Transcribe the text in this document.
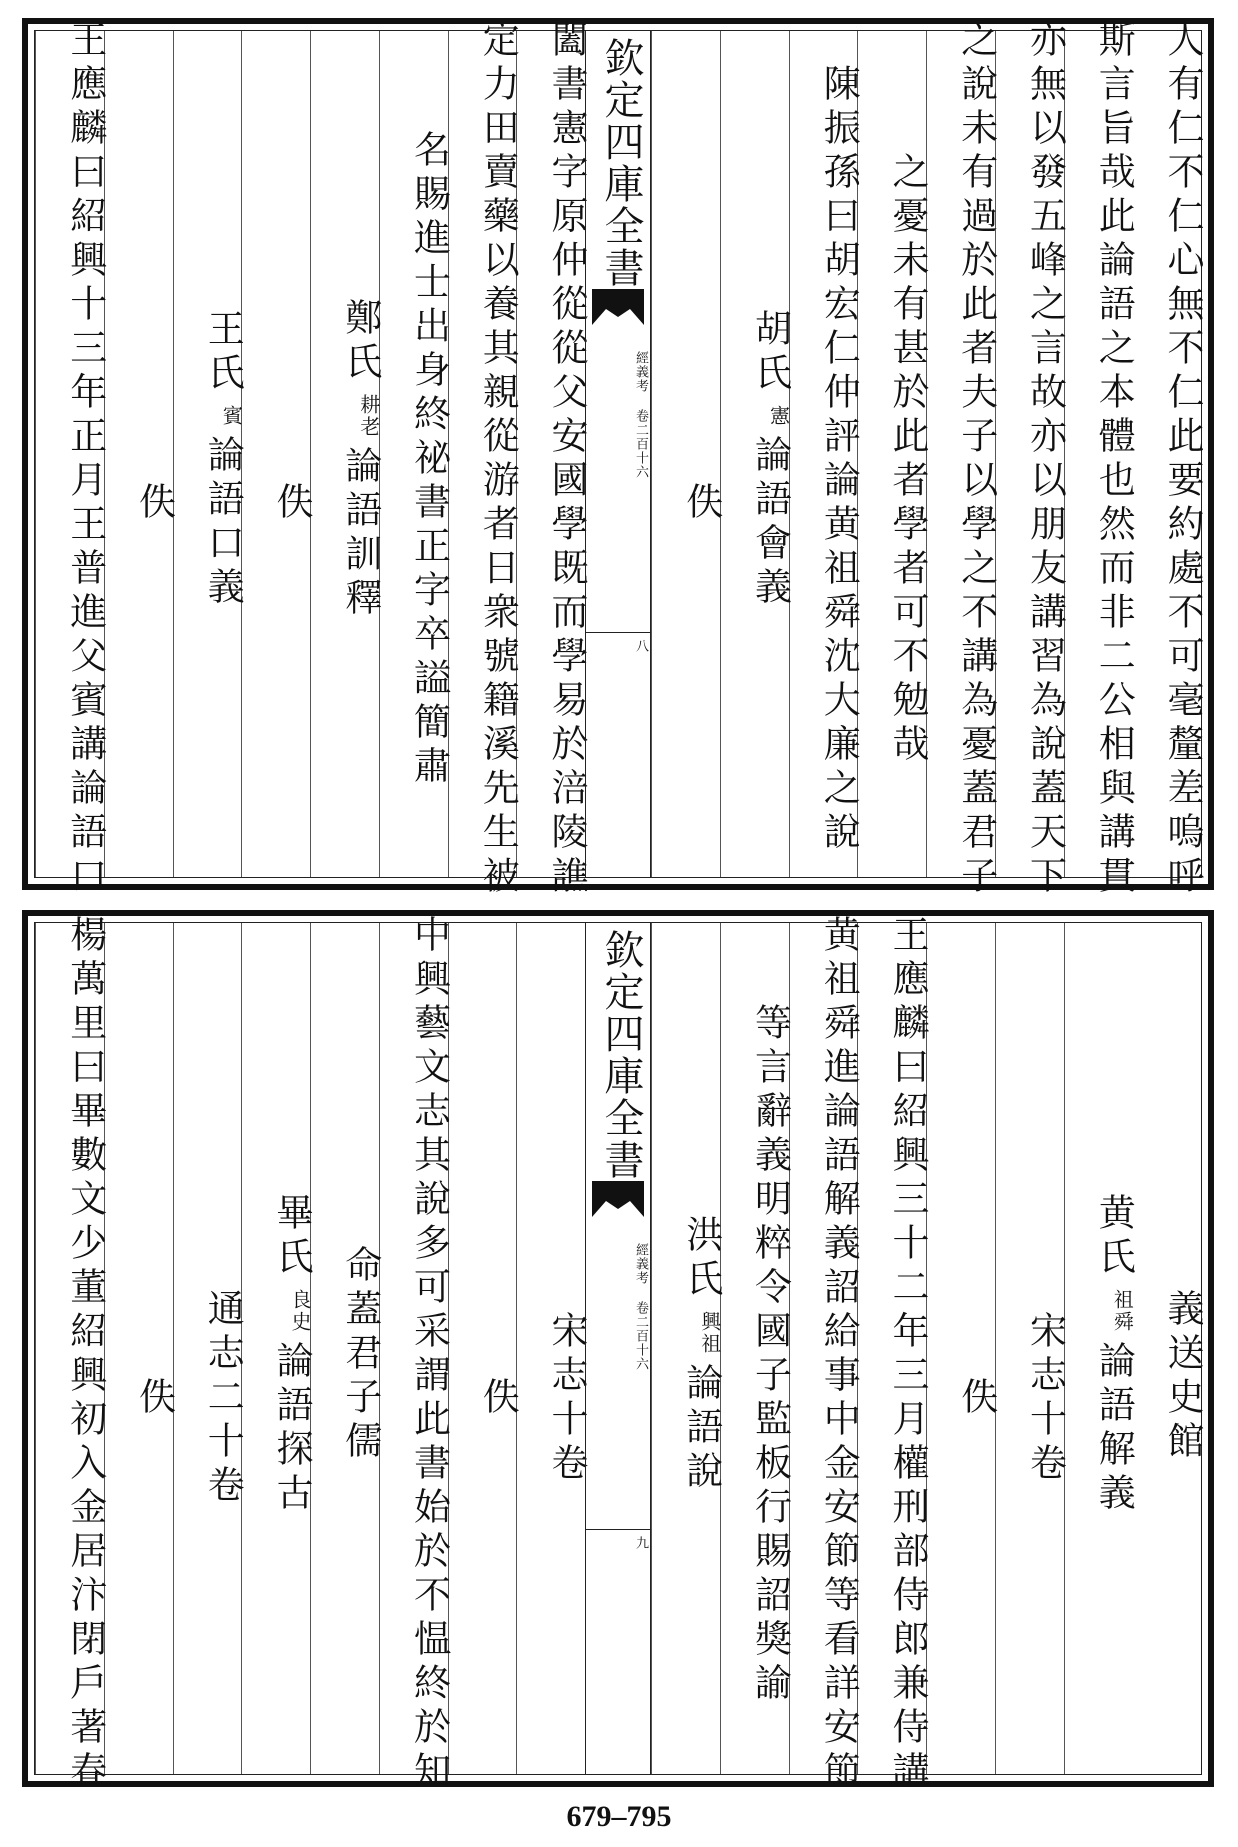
人有仁不仁心無不仁此要約處不可毫釐差嗚呼
斯言旨哉此論語之本體也然而非二公相與講貫
亦無以發五峰之言故亦以朋友講習為說蓋天下
之說未有過於此者夫子以學之不講為憂蓋君子
之憂未有甚於此者學者可不勉哉
陳振孫曰胡宏仁仲評論黄祖舜沈大廉之說
胡氏
憲
論語會義
佚
闔書憲字原仲從從父安國學既而學易於涪陵譙
定力田賣藥以養其親從游者日衆號籍溪先生被
名賜進士出身終祕書正字卒謚簡肅
鄭氏
耕老
論語訓釋
佚
王氏
賓
論語口義
佚
王應麟曰紹興十三年正月王普進父賓講論語口	欽定四庫全書
經義考 卷二百十六
八
義送史館
黄氏
祖舜
論語解義
宋志十卷
佚
王應麟曰紹興三十二年三月權刑部侍郎兼侍講
黄祖舜進論語解義詔給事中金安節等看詳安節
等言辭義明粹令國子監板行賜詔獎諭
洪氏
興祖
論語說
宋志十卷
佚
中興藝文志其說多可采謂此書始於不愠終於知
命蓋君子儒
畢氏
良史
論語探古
通志二十卷
佚
楊萬里曰畢數文少董紹興初入金居汴閉戶著春	欽定四庫全書
經義考 卷二百十六
九
679–795
